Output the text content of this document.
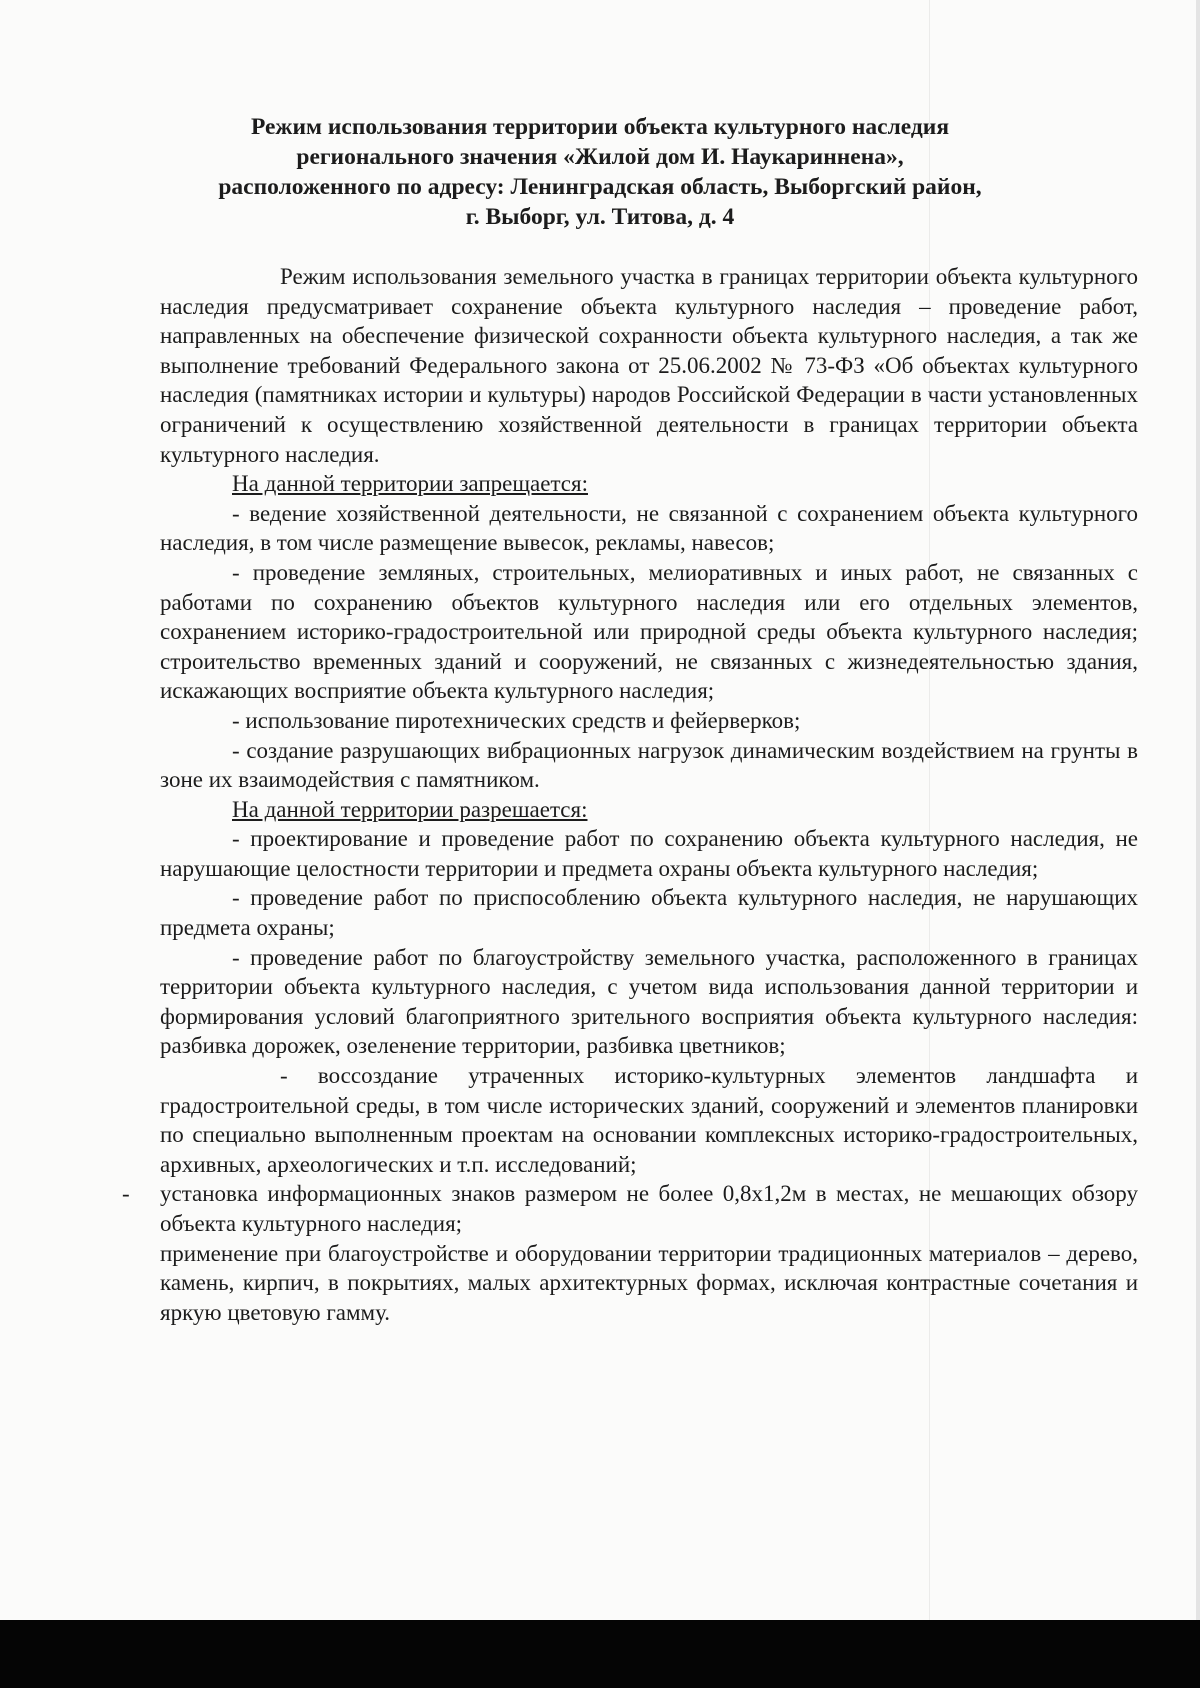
Режим использования территории объекта культурного наследия
регионального значения «Жилой дом И. Наукариннена»,
расположенного по адресу: Ленинградская область, Выборгский район,
г. Выборг, ул. Титова, д. 4

Режим использования земельного участка в границах территории объекта культурного наследия предусматривает сохранение объекта культурного наследия – проведение работ, направленных на обеспечение физической сохранности объекта культурного наследия, а так же выполнение требований Федерального закона от 25.06.2002 № 73-ФЗ «Об объектах культурного наследия (памятниках истории и культуры) народов Российской Федерации в части установленных ограничений к осуществлению хозяйственной деятельности в границах территории объекта культурного наследия.

На данной территории запрещается:

- ведение хозяйственной деятельности, не связанной с сохранением объекта культурного наследия, в том числе размещение вывесок, рекламы, навесов;

- проведение земляных, строительных, мелиоративных и иных работ, не связанных с работами по сохранению объектов культурного наследия или его отдельных элементов, сохранением историко-градостроительной или природной среды объекта культурного наследия; строительство временных зданий и сооружений, не связанных с жизнедеятельностью здания, искажающих восприятие объекта культурного наследия;

- использование пиротехнических средств и фейерверков;

- создание разрушающих вибрационных нагрузок динамическим воздействием на грунты в зоне их взаимодействия с памятником.

На данной территории разрешается:

- проектирование и проведение работ по сохранению объекта культурного наследия, не нарушающие целостности территории и предмета охраны объекта культурного наследия;

- проведение работ по приспособлению объекта культурного наследия, не нарушающих предмета охраны;

- проведение работ по благоустройству земельного участка, расположенного в границах территории объекта культурного наследия, с учетом вида использования данной территории и формирования условий благоприятного зрительного восприятия объекта культурного наследия: разбивка дорожек, озеленение территории, разбивка цветников;

- воссоздание утраченных историко-культурных элементов ландшафта и градостроительной среды, в том числе исторических зданий, сооружений и элементов планировки по специально выполненным проектам на основании комплексных историко-градостроительных, архивных, археологических и т.п. исследований;

- установка информационных знаков размером не более 0,8х1,2м в местах, не мешающих обзору объекта культурного наследия;

применение при благоустройстве и оборудовании территории традиционных материалов – дерево, камень, кирпич, в покрытиях, малых архитектурных формах, исключая контрастные сочетания и яркую цветовую гамму.
